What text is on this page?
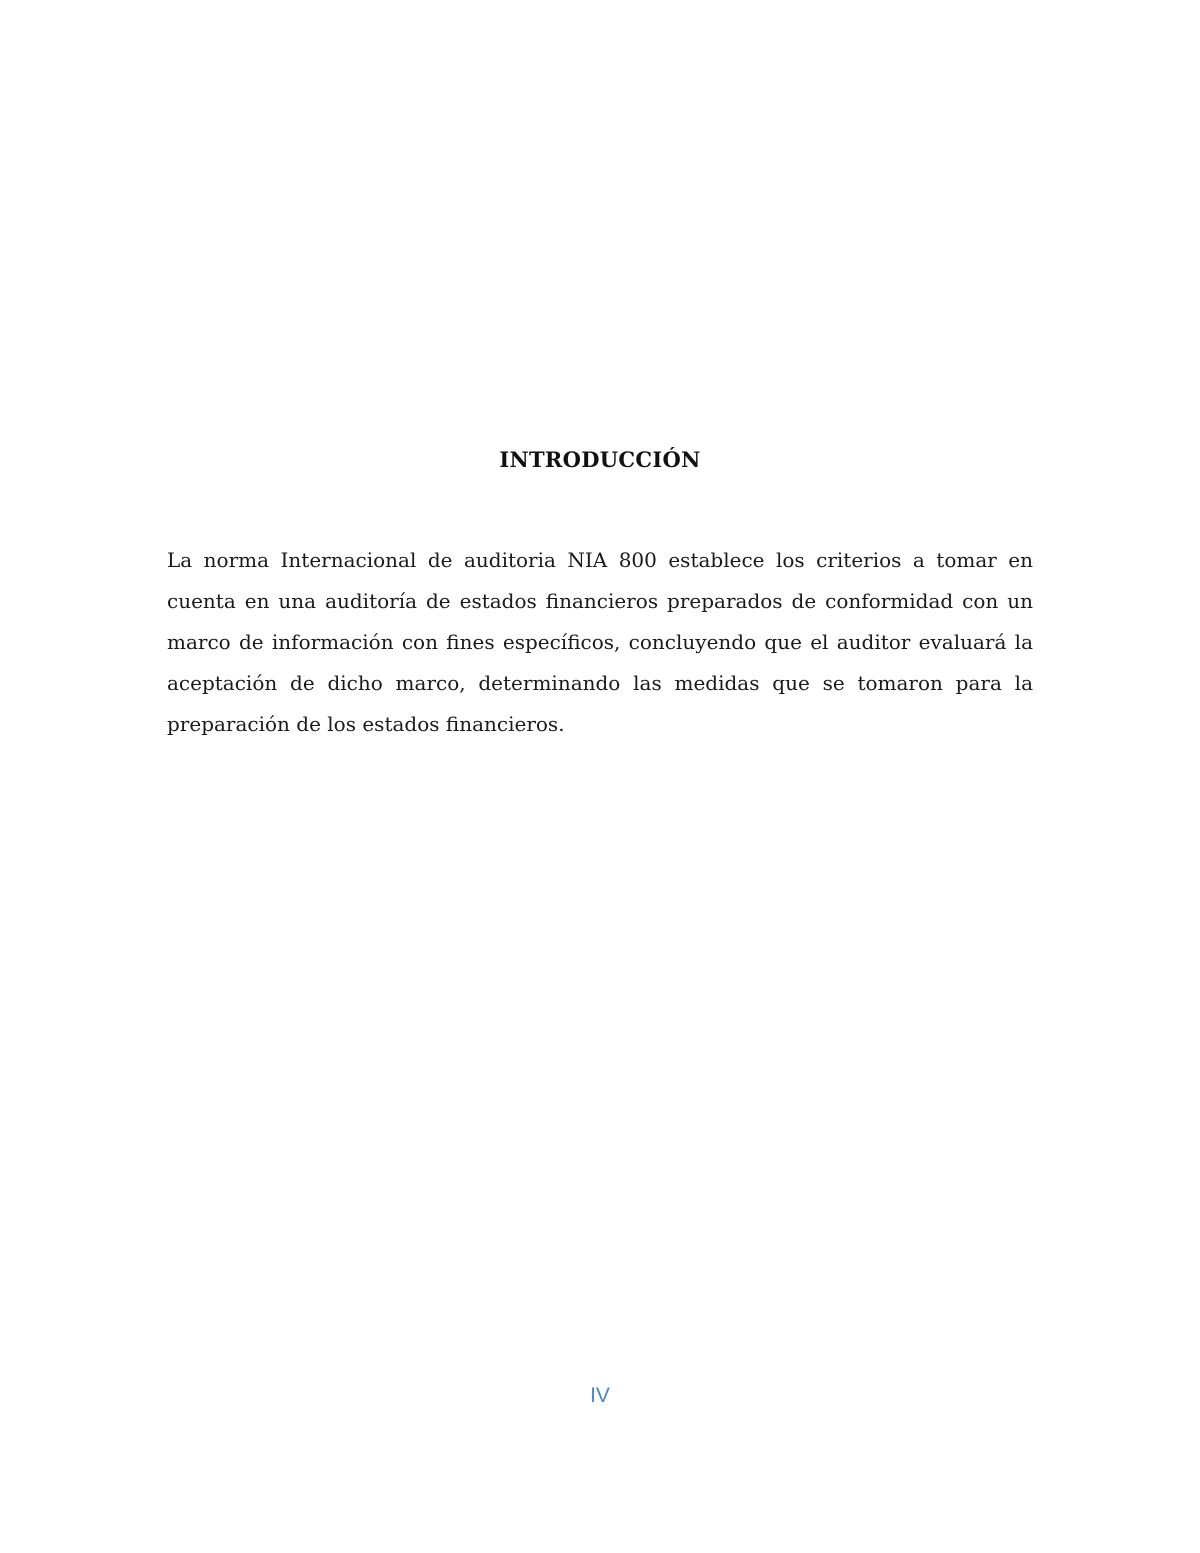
INTRODUCCIÓN

La norma Internacional de auditoria NIA 800 establece los criterios a tomar en cuenta en una auditoría de estados financieros preparados de conformidad con un marco de información con fines específicos, concluyendo que el auditor evaluará la aceptación de dicho marco, determinando las medidas que se tomaron para la preparación de los estados financieros.

IV
